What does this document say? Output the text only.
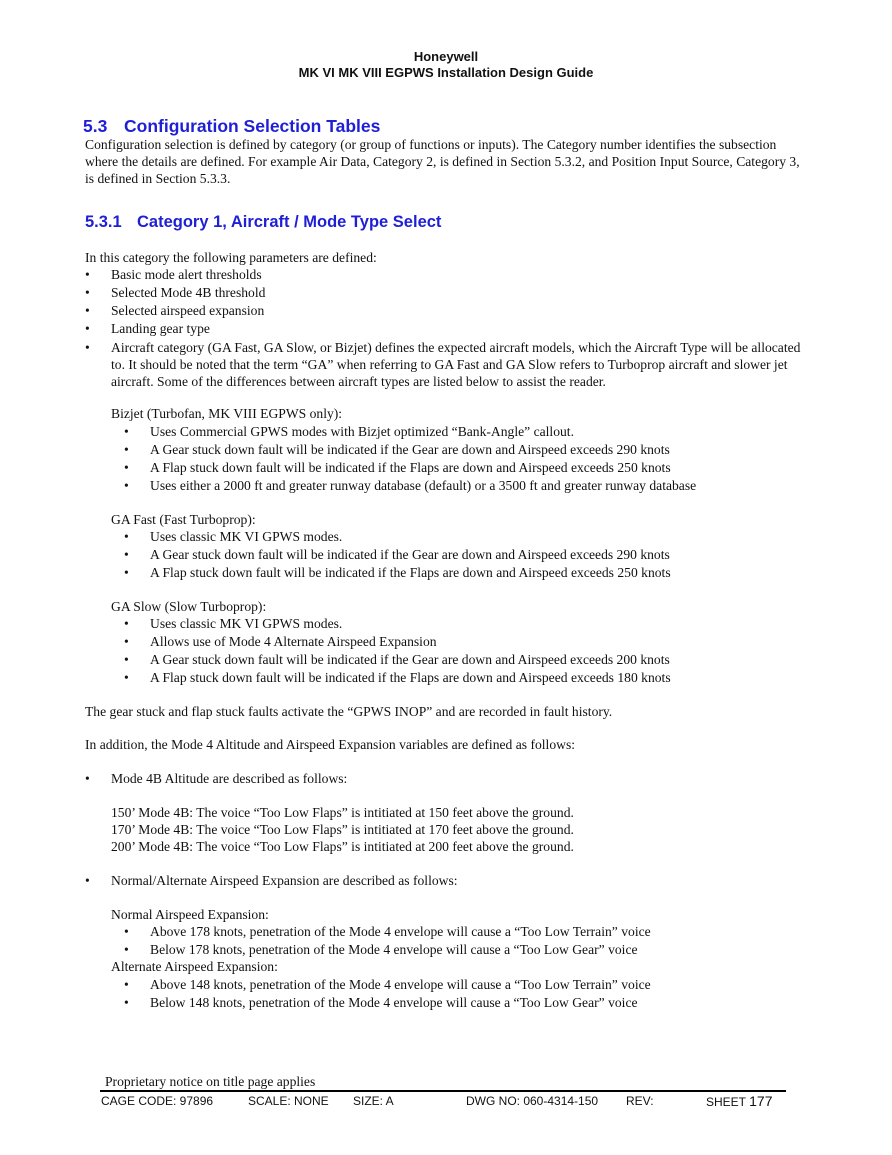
Honeywell
MK VI MK VIII EGPWS Installation Design Guide
5.3 Configuration Selection Tables
Configuration selection is defined by category (or group of functions or inputs). The Category number identifies the subsection where the details are defined. For example Air Data, Category 2, is defined in Section 5.3.2, and Position Input Source, Category 3, is defined in Section 5.3.3.
5.3.1 Category 1, Aircraft / Mode Type Select
In this category the following parameters are defined:
• Basic mode alert thresholds
• Selected Mode 4B threshold
• Selected airspeed expansion
• Landing gear type
• Aircraft category (GA Fast, GA Slow, or Bizjet) defines the expected aircraft models, which the Aircraft Type will be allocated to. It should be noted that the term “GA” when referring to GA Fast and GA Slow refers to Turboprop aircraft and slower jet aircraft. Some of the differences between aircraft types are listed below to assist the reader.
Bizjet (Turbofan, MK VIII EGPWS only):
• Uses Commercial GPWS modes with Bizjet optimized “Bank-Angle” callout.
• A Gear stuck down fault will be indicated if the Gear are down and Airspeed exceeds 290 knots
• A Flap stuck down fault will be indicated if the Flaps are down and Airspeed exceeds 250 knots
• Uses either a 2000 ft and greater runway database (default) or a 3500 ft and greater runway database
GA Fast (Fast Turboprop):
• Uses classic MK VI GPWS modes.
• A Gear stuck down fault will be indicated if the Gear are down and Airspeed exceeds 290 knots
• A Flap stuck down fault will be indicated if the Flaps are down and Airspeed exceeds 250 knots
GA Slow (Slow Turboprop):
• Uses classic MK VI GPWS modes.
• Allows use of Mode 4 Alternate Airspeed Expansion
• A Gear stuck down fault will be indicated if the Gear are down and Airspeed exceeds 200 knots
• A Flap stuck down fault will be indicated if the Flaps are down and Airspeed exceeds 180 knots
The gear stuck and flap stuck faults activate the “GPWS INOP” and are recorded in fault history.
In addition, the Mode 4 Altitude and Airspeed Expansion variables are defined as follows:
• Mode 4B Altitude are described as follows:
150’ Mode 4B: The voice “Too Low Flaps” is intitiated at 150 feet above the ground.
170’ Mode 4B: The voice “Too Low Flaps” is intitiated at 170 feet above the ground.
200’ Mode 4B: The voice “Too Low Flaps” is intitiated at 200 feet above the ground.
• Normal/Alternate Airspeed Expansion are described as follows:
Normal Airspeed Expansion:
• Above 178 knots, penetration of the Mode 4 envelope will cause a “Too Low Terrain” voice
• Below 178 knots, penetration of the Mode 4 envelope will cause a “Too Low Gear” voice
Alternate Airspeed Expansion:
• Above 148 knots, penetration of the Mode 4 envelope will cause a “Too Low Terrain” voice
• Below 148 knots, penetration of the Mode 4 envelope will cause a “Too Low Gear” voice
Proprietary notice on title page applies
CAGE CODE: 97896	SCALE: NONE SIZE: A	DWG NO: 060-4314-150 REV:	SHEET 177
